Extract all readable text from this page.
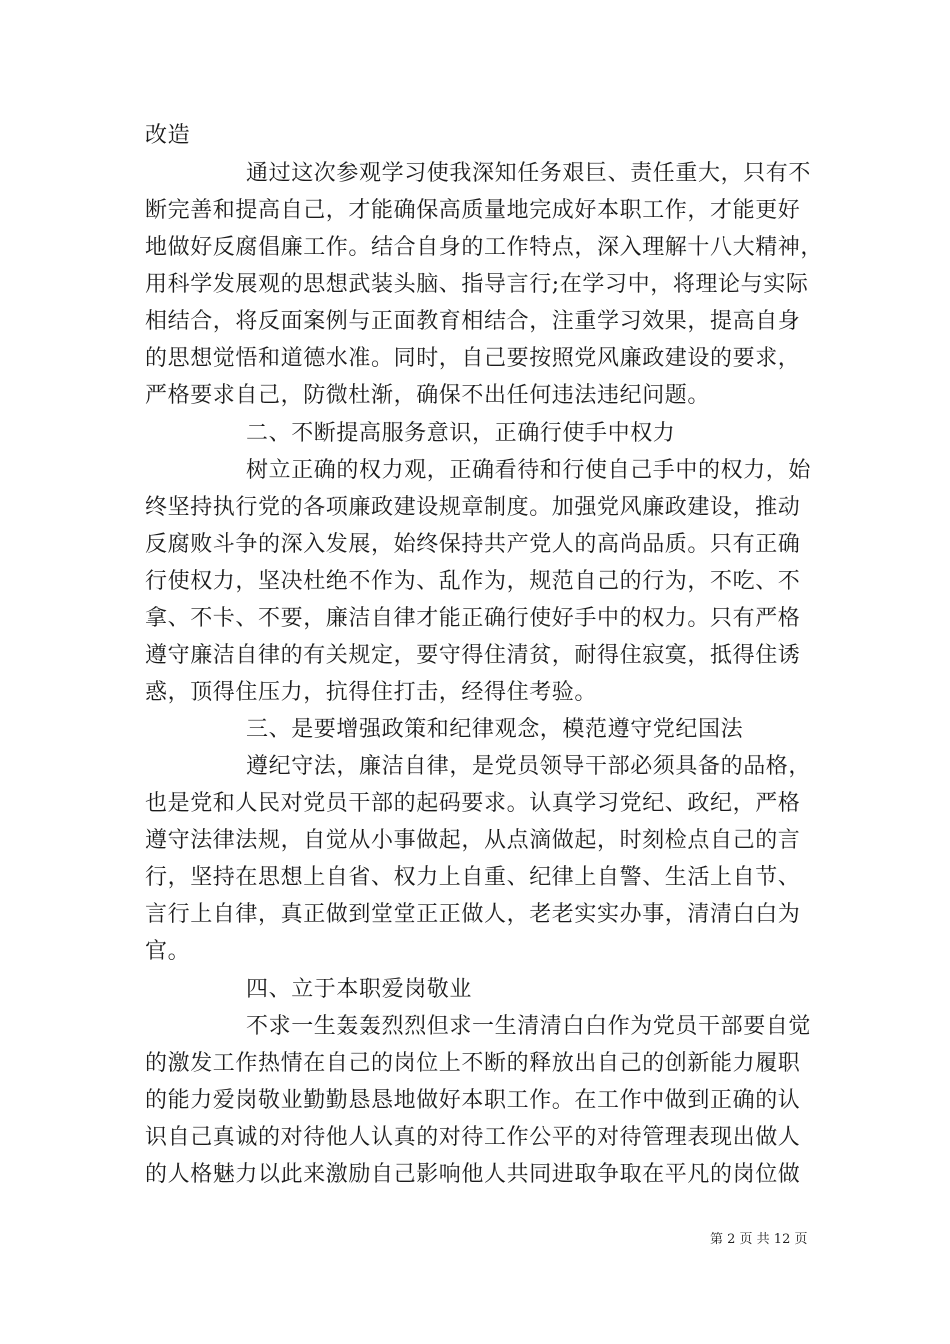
改造
通过这次参观学习使我深知任务艰巨、责任重大，只有不
断完善和提高自己，才能确保高质量地完成好本职工作，才能更好
地做好反腐倡廉工作。结合自身的工作特点，深入理解十八大精神，
用科学发展观的思想武装头脑、指导言行;在学习中，将理论与实际
相结合，将反面案例与正面教育相结合，注重学习效果，提高自身
的思想觉悟和道德水准。同时，自己要按照党风廉政建设的要求，
严格要求自己，防微杜渐，确保不出任何违法违纪问题。
二、不断提高服务意识，正确行使手中权力
树立正确的权力观，正确看待和行使自己手中的权力，始
终坚持执行党的各项廉政建设规章制度。加强党风廉政建设，推动
反腐败斗争的深入发展，始终保持共产党人的高尚品质。只有正确
行使权力，坚决杜绝不作为、乱作为，规范自己的行为，不吃、不
拿、不卡、不要，廉洁自律才能正确行使好手中的权力。只有严格
遵守廉洁自律的有关规定，要守得住清贫，耐得住寂寞，抵得住诱
惑，顶得住压力，抗得住打击，经得住考验。
三、是要增强政策和纪律观念，模范遵守党纪国法
遵纪守法，廉洁自律，是党员领导干部必须具备的品格，
也是党和人民对党员干部的起码要求。认真学习党纪、政纪，严格
遵守法律法规，自觉从小事做起，从点滴做起，时刻检点自己的言
行，坚持在思想上自省、权力上自重、纪律上自警、生活上自节、
言行上自律，真正做到堂堂正正做人，老老实实办事，清清白白为
官。
四、立于本职爱岗敬业
不求一生轰轰烈烈但求一生清清白白作为党员干部要自觉
的激发工作热情在自己的岗位上不断的释放出自己的创新能力履职
的能力爱岗敬业勤勤恳恳地做好本职工作。在工作中做到正确的认
识自己真诚的对待他人认真的对待工作公平的对待管理表现出做人
的人格魅力以此来激励自己影响他人共同进取争取在平凡的岗位做
第 2 页 共 12 页
